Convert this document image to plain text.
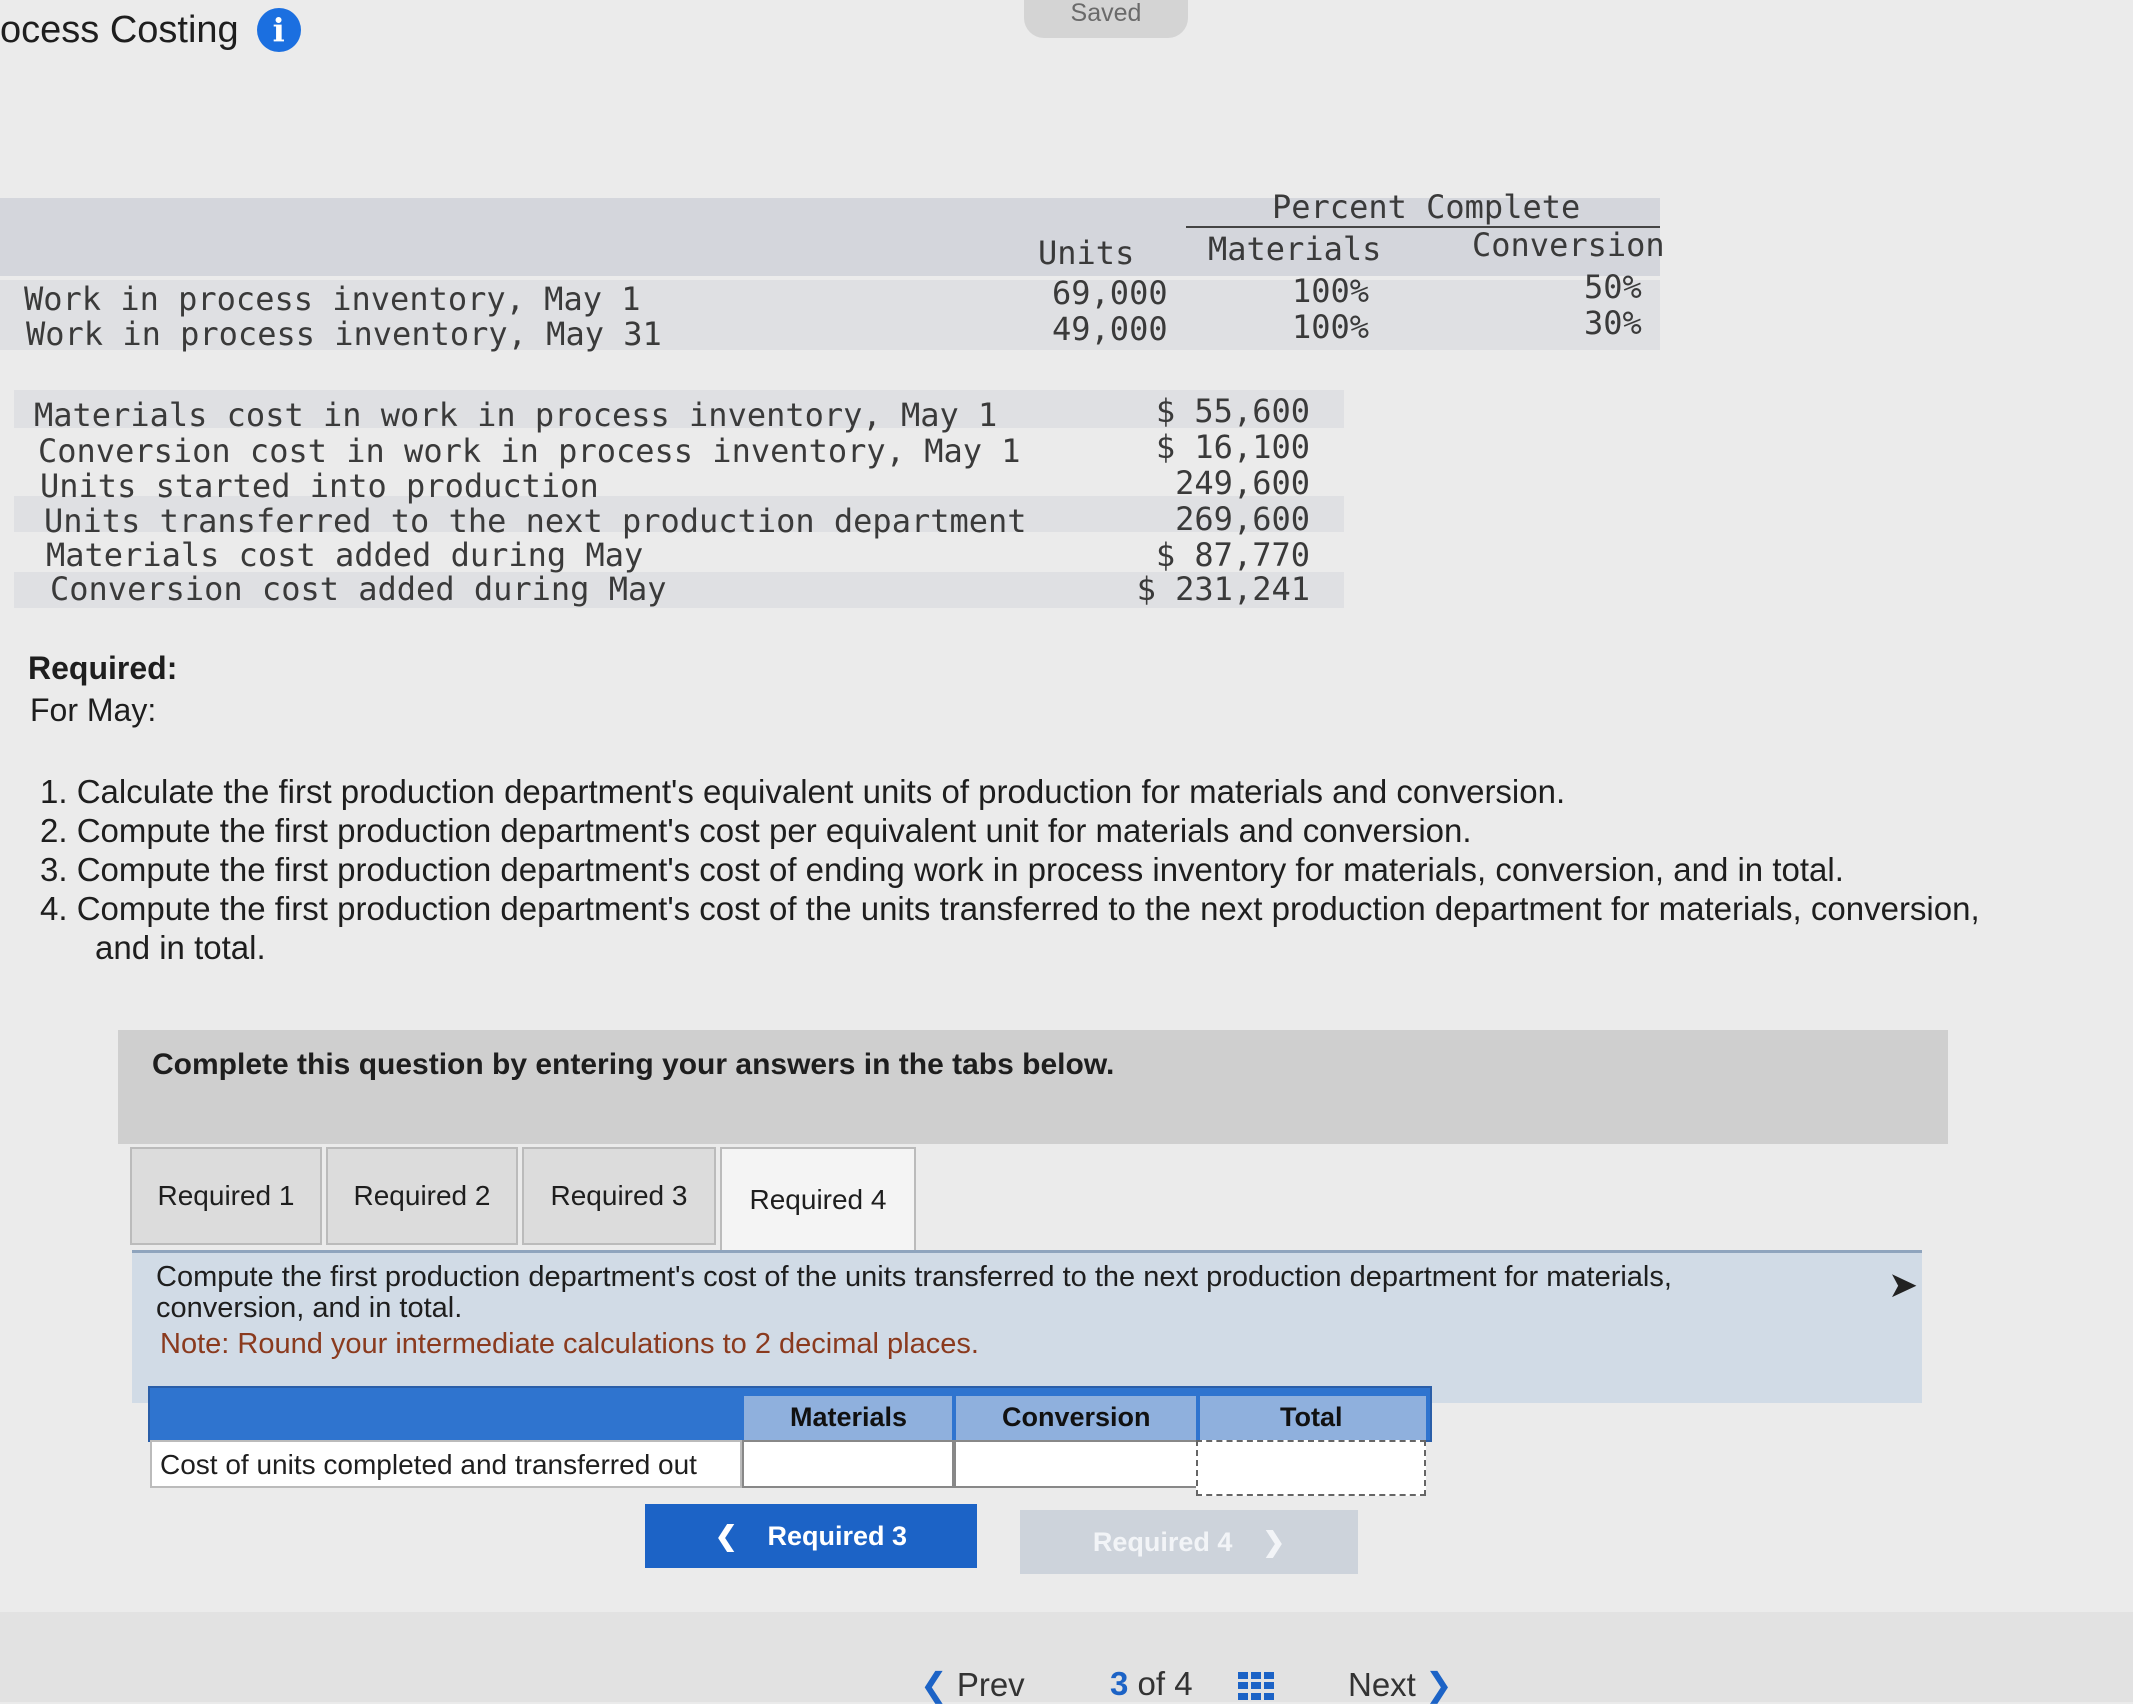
ocess Costing	i	Saved
Percent Complete
Units Materials	Conversion
Work in process inventory, May 1	69,000	100%	50%
Work in process inventory, May 31	49,000	100%	30%
Materials cost in work in process inventory, May 1	$ 55,600
Conversion cost in work in process inventory, May 1	$ 16,100
Units started into production	249,600
Units transferred to the next production department	269,600
Materials cost added during May	$ 87,770
Conversion cost added during May	$ 231,241
Required:
For May:
1. Calculate the first production department's equivalent units of production for materials and conversion.
2. Compute the first production department's cost per equivalent unit for materials and conversion.
3. Compute the first production department's cost of ending work in process inventory for materials, conversion, and in total.
4. Compute the first production department's cost of the units transferred to the next production department for materials, conversion,
and in total.
Complete this question by entering your answers in the tabs below.
Required 1	Required 2	Required 3	Required 4
Compute the first production department's cost of the units transferred to the next production department for materials,
conversion, and in total.
Note: Round your intermediate calculations to 2 decimal places.
Materials	Conversion	Total
Cost of units completed and transferred out
❮ Required 3	Required 4 ❯
❮ Prev	3 of 4	Next ❯
➤
